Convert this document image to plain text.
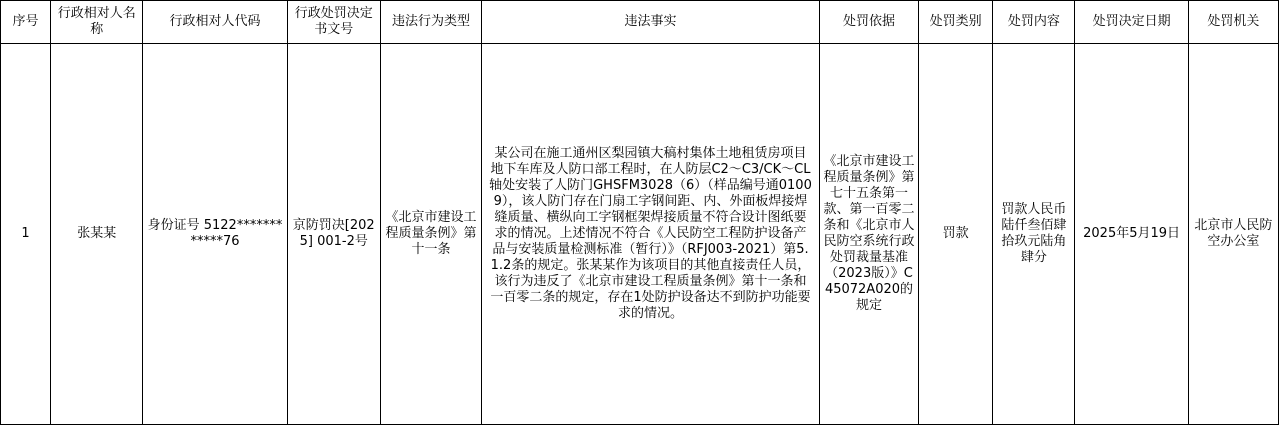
序号	行政相对人名称	行政相对人代码	行政处罚决定书文号	违法行为类型	违法事实	处罚依据	处罚类别	处罚内容	处罚决定日期	处罚机关
1	张某某	身份证号 5122************76	京防罚决[2025] 001-2号	《北京市建设工程质量条例》第十一条	某公司在施工通州区梨园镇大稿村集体土地租赁房项目地下车库及人防口部工程时，在人防层C2～C3/CK～CL轴处安装了人防门GHSFM3028（6）（样品编号通01009），该人防门存在门扇工字钢间距、内、外面板焊接焊缝质量、横纵向工字钢框架焊接质量不符合设计图纸要求的情况。上述情况不符合《人民防空工程防护设备产品与安装质量检测标准（暂行）》（RFJ003-2021）第5.1.2条的规定。张某某作为该项目的其他直接责任人员，该行为违反了《北京市建设工程质量条例》第十一条和一百零二条的规定，存在1处防护设备达不到防护功能要求的情况。	《北京市建设工程质量条例》第七十五条第一款、第一百零二条和《北京市人民防空系统行政处罚裁量基准（2023版）》C45072A020的规定	罚款	罚款人民币陆仟叁佰肆拾玖元陆角肆分	2025年5月19日	北京市人民防空办公室
